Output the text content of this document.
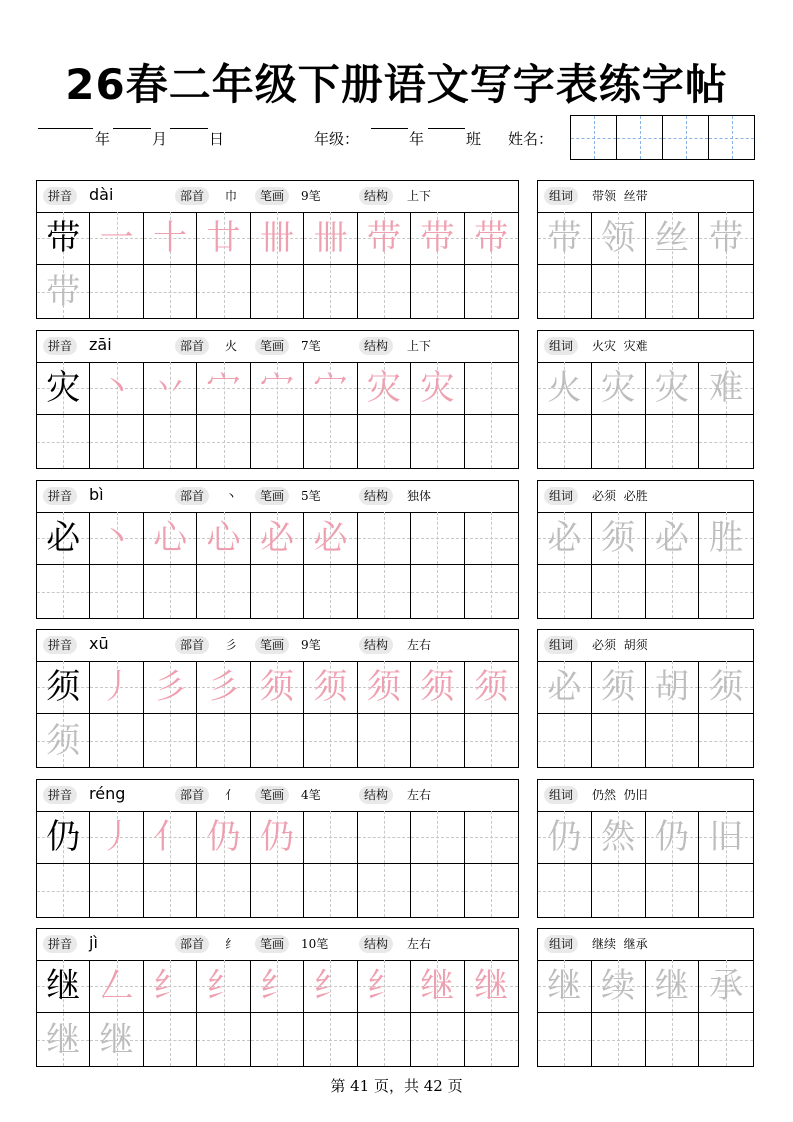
26春二年级下册语文写字表练字帖
年	月	日	年级：	年	班 姓名：
拼音	dài	部首	巾	笔画	9笔	结构	上下
带 一 十 廿 卌 卌 带 带 带
带
组词	带领  丝带
带 领 丝 带
拼音	zāi	部首	火	笔画	7笔	结构	上下
灾 丶 丷 宀 宀 宀 灾 灾
组词	火灾  灾难
火 灾 灾 难
拼音	bì	部首	丶	笔画	5笔	结构	独体
必 丶 心 心 必 必
组词	必须  必胜
必 须 必 胜
拼音	xū	部首	彡	笔画	9笔	结构	左右
须 丿 彡 彡 须 须 须 须 须
须
组词	必须  胡须
必 须 胡 须
拼音	réng	部首	亻	笔画	4笔	结构	左右
仍 丿 亻 仍 仍
组词	仍然  仍旧
仍 然 仍 旧
拼音	jì	部首	纟	笔画	10笔	结构	左右
继 𠃋 纟 纟 纟 纟 纟 继 继
继 继
组词	继续  继承
继 续 继 承
第 41 页，共 42 页
